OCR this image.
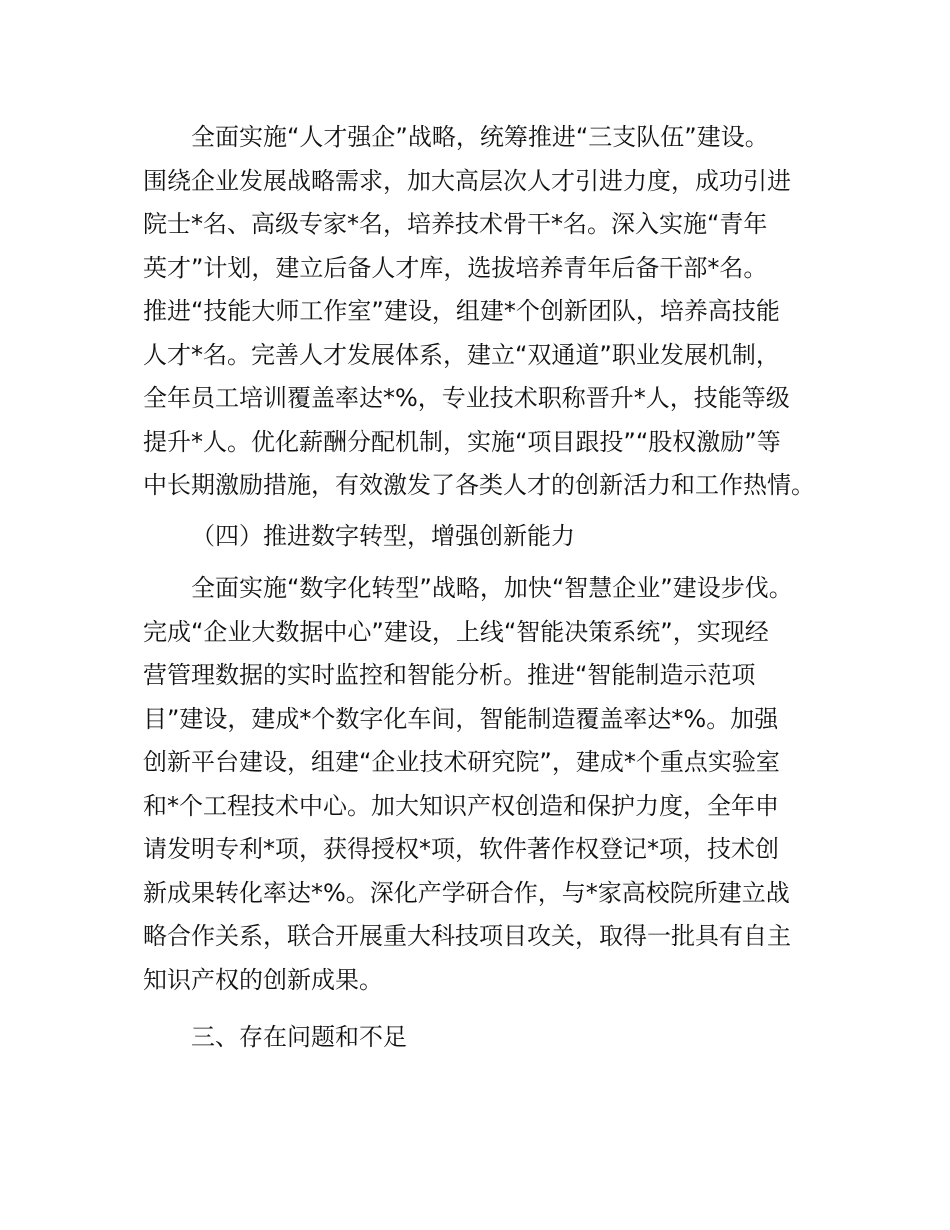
全面实施“人才强企”战略，统筹推进“三支队伍”建设。
围绕企业发展战略需求，加大高层次人才引进力度，成功引进
院士*名、高级专家*名，培养技术骨干*名。深入实施“青年
英才”计划，建立后备人才库，选拔培养青年后备干部*名。
推进“技能大师工作室”建设，组建*个创新团队，培养高技能
人才*名。完善人才发展体系，建立“双通道”职业发展机制，
全年员工培训覆盖率达*%，专业技术职称晋升*人，技能等级
提升*人。优化薪酬分配机制，实施“项目跟投”“股权激励”等
中长期激励措施，有效激发了各类人才的创新活力和工作热情。

（四）推进数字转型，增强创新能力

全面实施“数字化转型”战略，加快“智慧企业”建设步伐。
完成“企业大数据中心”建设，上线“智能决策系统”，实现经
营管理数据的实时监控和智能分析。推进“智能制造示范项
目”建设，建成*个数字化车间，智能制造覆盖率达*%。加强
创新平台建设，组建“企业技术研究院”，建成*个重点实验室
和*个工程技术中心。加大知识产权创造和保护力度，全年申
请发明专利*项，获得授权*项，软件著作权登记*项，技术创
新成果转化率达*%。深化产学研合作，与*家高校院所建立战
略合作关系，联合开展重大科技项目攻关，取得一批具有自主
知识产权的创新成果。

三、存在问题和不足
